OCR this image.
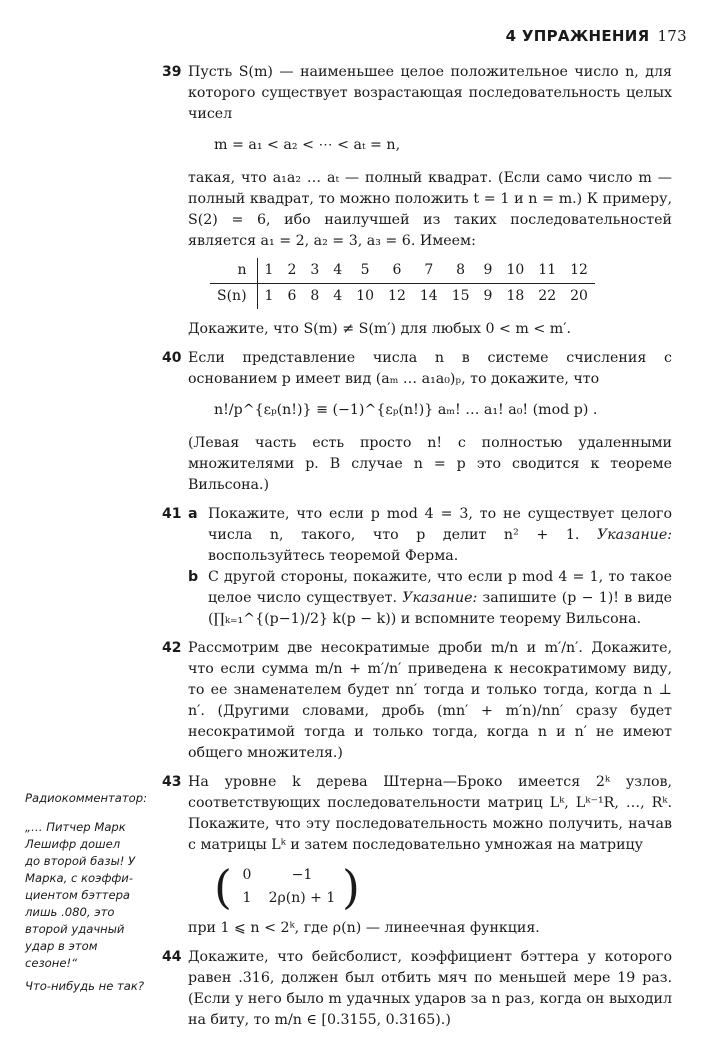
4 УПРАЖНЕНИЯ 173
39 Пусть S(m) — наименьшее целое положительное число n, для которого существует возрастающая последовательность целых чисел

m = a₁ < a₂ < ⋯ < aₜ = n,

такая, что a₁a₂ … aₜ — полный квадрат. (Если само число m — полный квадрат, то можно положить t = 1 и n = m.) К примеру, S(2) = 6, ибо наилучшей из таких последовательностей является a₁ = 2, a₂ = 3, a₃ = 6. Имеем:

n	1	2	3	4	5	6	7	8	9	10	11	12
S(n)	1	6	8	4	10	12	14	15	9	18	22	20

Докажите, что S(m) ≠ S(m′) для любых 0 < m < m′.

40 Если представление числа n в системе счисления с основанием p имеет вид (aₘ … a₁a₀)ₚ, то докажите, что

n!/p^{εₚ(n!)} ≡ (−1)^{εₚ(n!)} aₘ! … a₁! a₀! (mod p) .

(Левая часть есть просто n! с полностью удаленными множителями p. В случае n = p это сводится к теореме Вильсона.)

41 a Покажите, что если p mod 4 = 3, то не существует целого числа n, такого, что p делит n² + 1. Указание: воспользуйтесь теоремой Ферма.

b С другой стороны, покажите, что если p mod 4 = 1, то такое целое число существует. Указание: запишите (p − 1)! в виде (∏ₖ₌₁^{(p−1)/2} k(p − k)) и вспомните теорему Вильсона.

42 Рассмотрим две несократимые дроби m/n и m′/n′. Докажите, что если сумма m/n + m′/n′ приведена к несократимому виду, то ее знаменателем будет nn′ тогда и только тогда, когда n ⊥ n′. (Другими словами, дробь (mn′ + m′n)/nn′ сразу будет несократимой тогда и только тогда, когда n и n′ не имеют общего множителя.)

43 На уровне k дерева Штерна—Броко имеется 2ᵏ узлов, соответствующих последовательности матриц Lᵏ, Lᵏ⁻¹R, …, Rᵏ. Покажите, что эту последовательность можно получить, начав с матрицы Lᵏ и затем последовательно умножая на матрицу

( 0	−1
1	2ρ(n) + 1 )

при 1 ⩽ n < 2ᵏ, где ρ(n) — линеечная функция.

44 Докажите, что бейсболист, коэффициент бэттера у которого равен .316, должен был отбить мяч по меньшей мере 19 раз. (Если у него было m удачных ударов за n раз, когда он выходил на биту, то m/n ∈ [0.3155, 0.3165).)

Радиокомментатор:
„… Питчер Марк
Лешифр дошел
до второй базы! У
Марка, с коэффи-
циентом бэттера
лишь .080, это
второй удачный
удар в этом сезоне!“
Что-нибудь не так?
